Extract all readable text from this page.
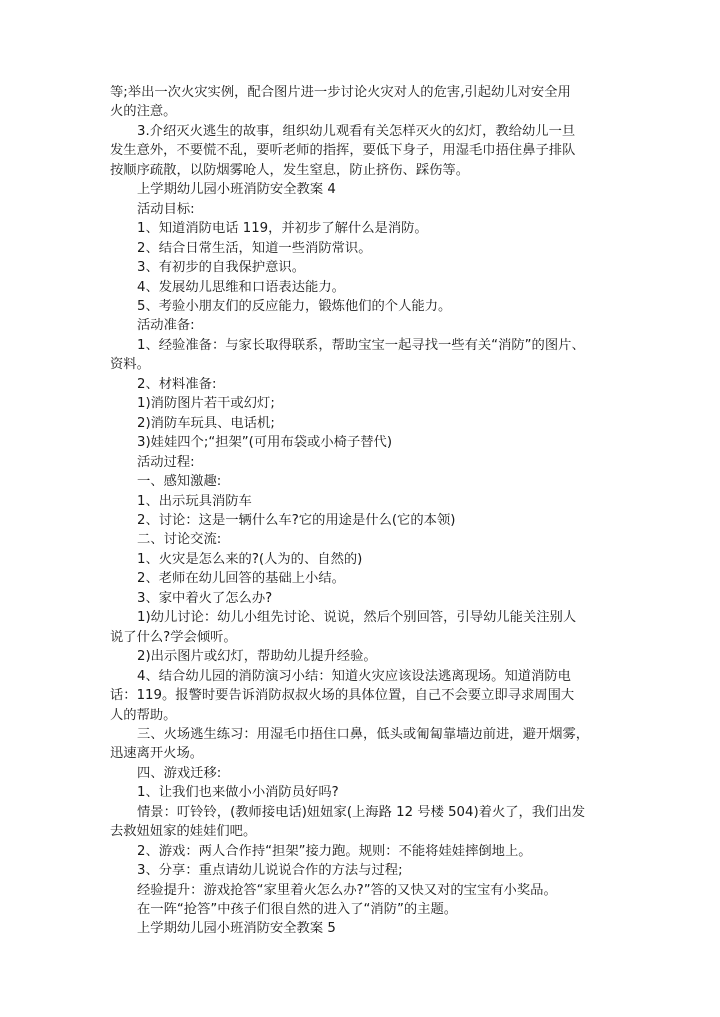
等;举出一次火灾实例，配合图片进一步讨论火灾对人的危害,引起幼儿对安全用
火的注意。
3.介绍灭火逃生的故事，组织幼儿观看有关怎样灭火的幻灯，教给幼儿一旦
发生意外，不要慌不乱，要听老师的指挥，要低下身子，用湿毛巾捂住鼻子排队
按顺序疏散，以防烟雾呛人，发生窒息，防止挤伤、踩伤等。
上学期幼儿园小班消防安全教案 4
活动目标:
1、知道消防电话 119，并初步了解什么是消防。
2、结合日常生活，知道一些消防常识。
3、有初步的自我保护意识。
4、发展幼儿思维和口语表达能力。
5、考验小朋友们的反应能力，锻炼他们的个人能力。
活动准备:
1、经验准备：与家长取得联系，帮助宝宝一起寻找一些有关“消防”的图片、
资料。
2、材料准备:
1)消防图片若干或幻灯;
2)消防车玩具、电话机;
3)娃娃四个;“担架”(可用布袋或小椅子替代)
活动过程:
一、感知激趣:
1、出示玩具消防车
2、讨论：这是一辆什么车?它的用途是什么(它的本领)
二、讨论交流:
1、火灾是怎么来的?(人为的、自然的)
2、老师在幼儿回答的基础上小结。
3、家中着火了怎么办?
1)幼儿讨论：幼儿小组先讨论、说说，然后个别回答，引导幼儿能关注别人
说了什么?学会倾听。
2)出示图片或幻灯，帮助幼儿提升经验。
4、结合幼儿园的消防演习小结：知道火灾应该设法逃离现场。知道消防电
话：119。报警时要告诉消防叔叔火场的具体位置，自己不会要立即寻求周围大
人的帮助。
三、火场逃生练习：用湿毛巾捂住口鼻，低头或匍匐靠墙边前进，避开烟雾，
迅速离开火场。
四、游戏迁移:
1、让我们也来做小小消防员好吗?
情景：叮铃铃，(教师接电话)妞妞家(上海路 12 号楼 504)着火了，我们出发
去救妞妞家的娃娃们吧。
2、游戏：两人合作持“担架”接力跑。规则：不能将娃娃摔倒地上。
3、分享：重点请幼儿说说合作的方法与过程;
经验提升：游戏抢答“家里着火怎么办?”答的又快又对的宝宝有小奖品。
在一阵“抢答”中孩子们很自然的进入了“消防”的主题。
上学期幼儿园小班消防安全教案 5
